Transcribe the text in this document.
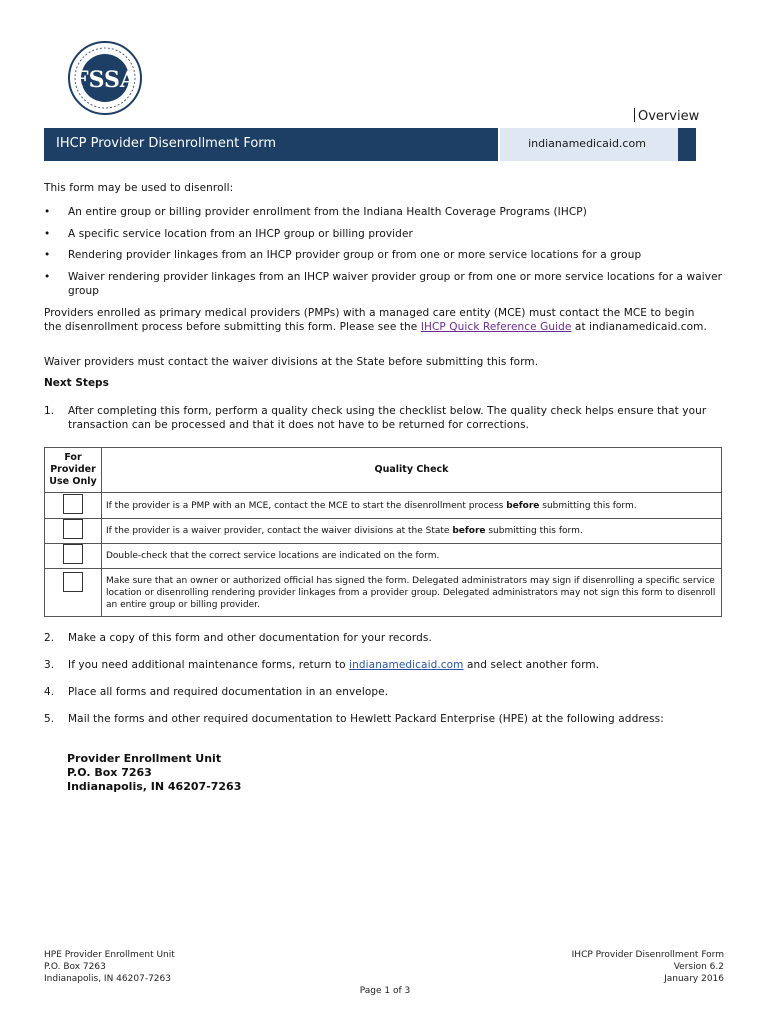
FSSA
Overview
IHCP Provider Disenrollment Form	indianamedicaid.com
This form may be used to disenroll:
• An entire group or billing provider enrollment from the Indiana Health Coverage Programs (IHCP)
• A specific service location from an IHCP group or billing provider
• Rendering provider linkages from an IHCP provider group or from one or more service locations for a group
• Waiver rendering provider linkages from an IHCP waiver provider group or from one or more service locations for a waiver group
Providers enrolled as primary medical providers (PMPs) with a managed care entity (MCE) must contact the MCE to begin the disenrollment process before submitting this form. Please see the IHCP Quick Reference Guide at indianamedicaid.com.
Waiver providers must contact the waiver divisions at the State before submitting this form.
Next Steps
1. After completing this form, perform a quality check using the checklist below. The quality check helps ensure that your transaction can be processed and that it does not have to be returned for corrections.
For Provider Use Only	Quality Check
	If the provider is a PMP with an MCE, contact the MCE to start the disenrollment process before submitting this form.
	If the provider is a waiver provider, contact the waiver divisions at the State before submitting this form.
	Double-check that the correct service locations are indicated on the form.
	Make sure that an owner or authorized official has signed the form. Delegated administrators may sign if disenrolling a specific service location or disenrolling rendering provider linkages from a provider group. Delegated administrators may not sign this form to disenroll an entire group or billing provider.
2. Make a copy of this form and other documentation for your records.
3. If you need additional maintenance forms, return to indianamedicaid.com and select another form.
4. Place all forms and required documentation in an envelope.
5. Mail the forms and other required documentation to Hewlett Packard Enterprise (HPE) at the following address:
Provider Enrollment Unit
P.O. Box 7263
Indianapolis, IN 46207-7263
HPE Provider Enrollment Unit
P.O. Box 7263
Indianapolis, IN 46207-7263
IHCP Provider Disenrollment Form
Version 6.2
January 2016
Page 1 of 3
